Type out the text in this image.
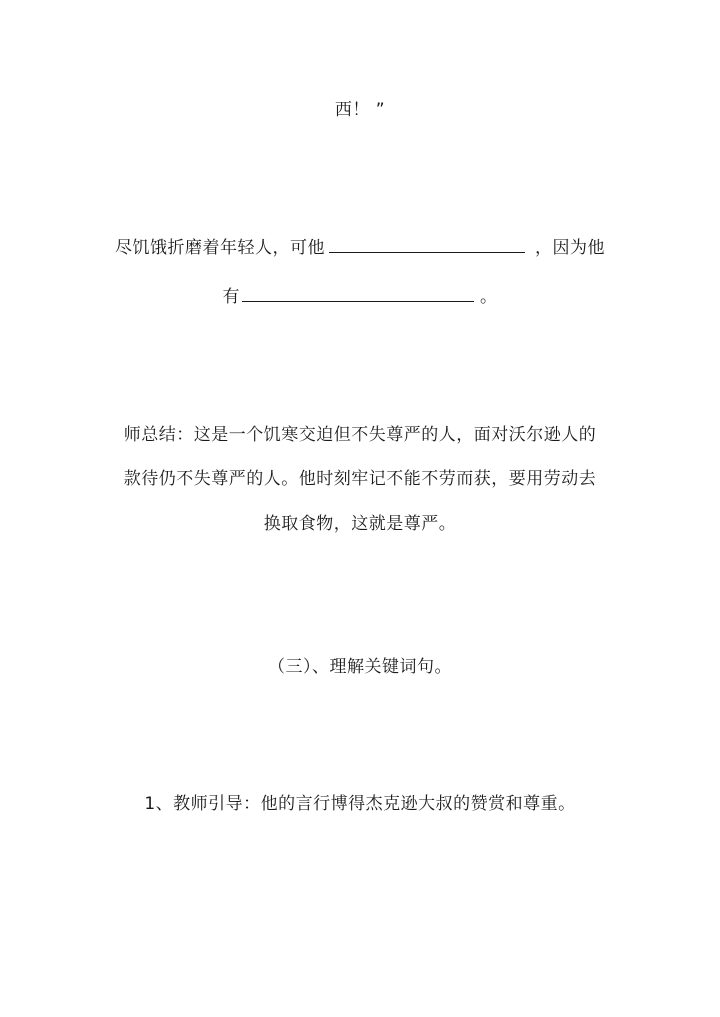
西！ ”
尽饥饿折磨着年轻人，可他	，因为他
有	。
师总结：这是一个饥寒交迫但不失尊严的人，面对沃尔逊人的
款待仍不失尊严的人。他时刻牢记不能不劳而获，要用劳动去
换取食物，这就是尊严。
（三）、理解关键词句。
1、教师引导：他的言行博得杰克逊大叔的赞赏和尊重。
